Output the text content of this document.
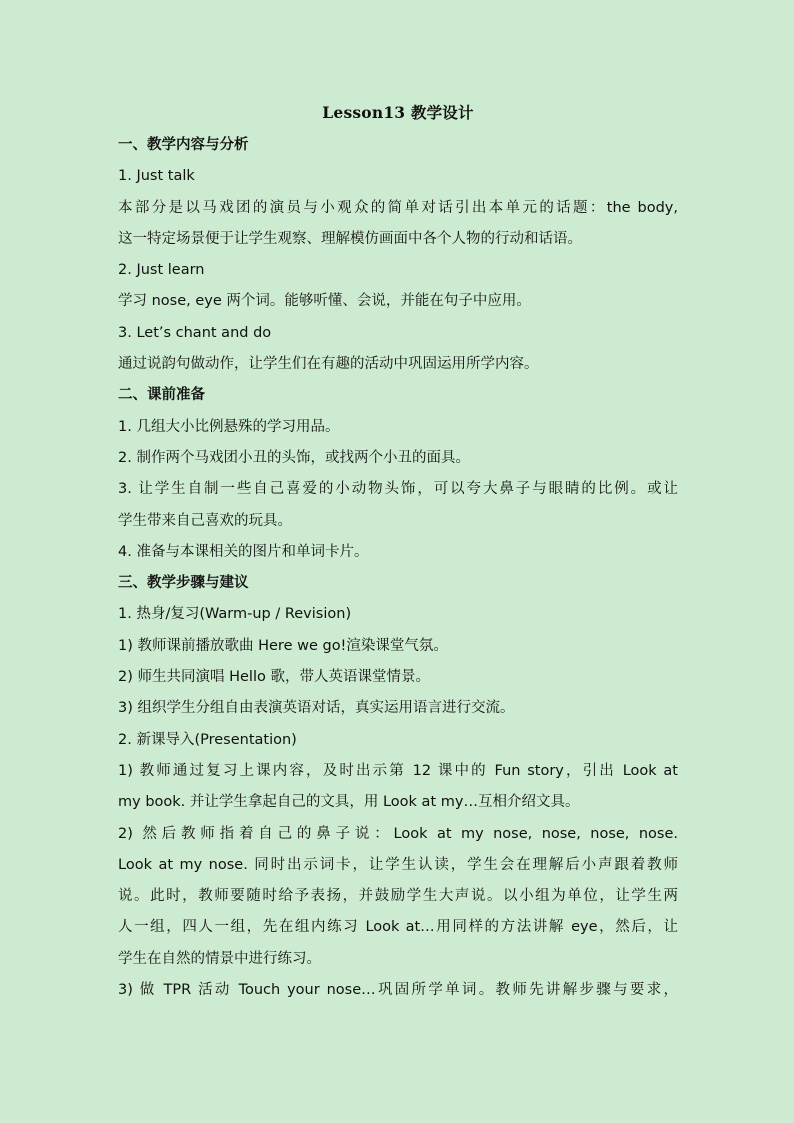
Lesson13 教学设计
一、教学内容与分析
1. Just talk
本部分是以马戏团的演员与小观众的简单对话引出本单元的话题：the body,
这一特定场景便于让学生观察、理解模仿画面中各个人物的行动和话语。
2. Just learn
学习 nose, eye 两个词。能够听懂、会说，并能在句子中应用。
3. Let’s chant and do
通过说韵句做动作，让学生们在有趣的活动中巩固运用所学内容。
二、课前准备
1. 几组大小比例悬殊的学习用品。
2. 制作两个马戏团小丑的头饰，或找两个小丑的面具。
3. 让学生自制一些自己喜爱的小动物头饰，可以夸大鼻子与眼睛的比例。或让
学生带来自己喜欢的玩具。
4. 准备与本课相关的图片和单词卡片。
三、教学步骤与建议
1. 热身/复习(Warm-up / Revision)
1) 教师课前播放歌曲 Here we go!渲染课堂气氛。
2) 师生共同演唱 Hello 歌，带人英语课堂情景。
3) 组织学生分组自由表演英语对话，真实运用语言进行交流。
2. 新课导入(Presentation)
1) 教师通过复习上课内容，及时出示第 12 课中的 Fun story，引出 Look at
my book. 并让学生拿起自己的文具，用 Look at my…互相介绍文具。
2) 然后教师指着自己的鼻子说：Look at my nose, nose, nose, nose.
Look at my nose. 同时出示词卡，让学生认读，学生会在理解后小声跟着教师
说。此时，教师要随时给予表扬，并鼓励学生大声说。以小组为单位，让学生两
人一组，四人一组，先在组内练习 Look at…用同样的方法讲解 eye，然后，让
学生在自然的情景中进行练习。
3) 做 TPR 活动 Touch your nose…巩固所学单词。教师先讲解步骤与要求，
